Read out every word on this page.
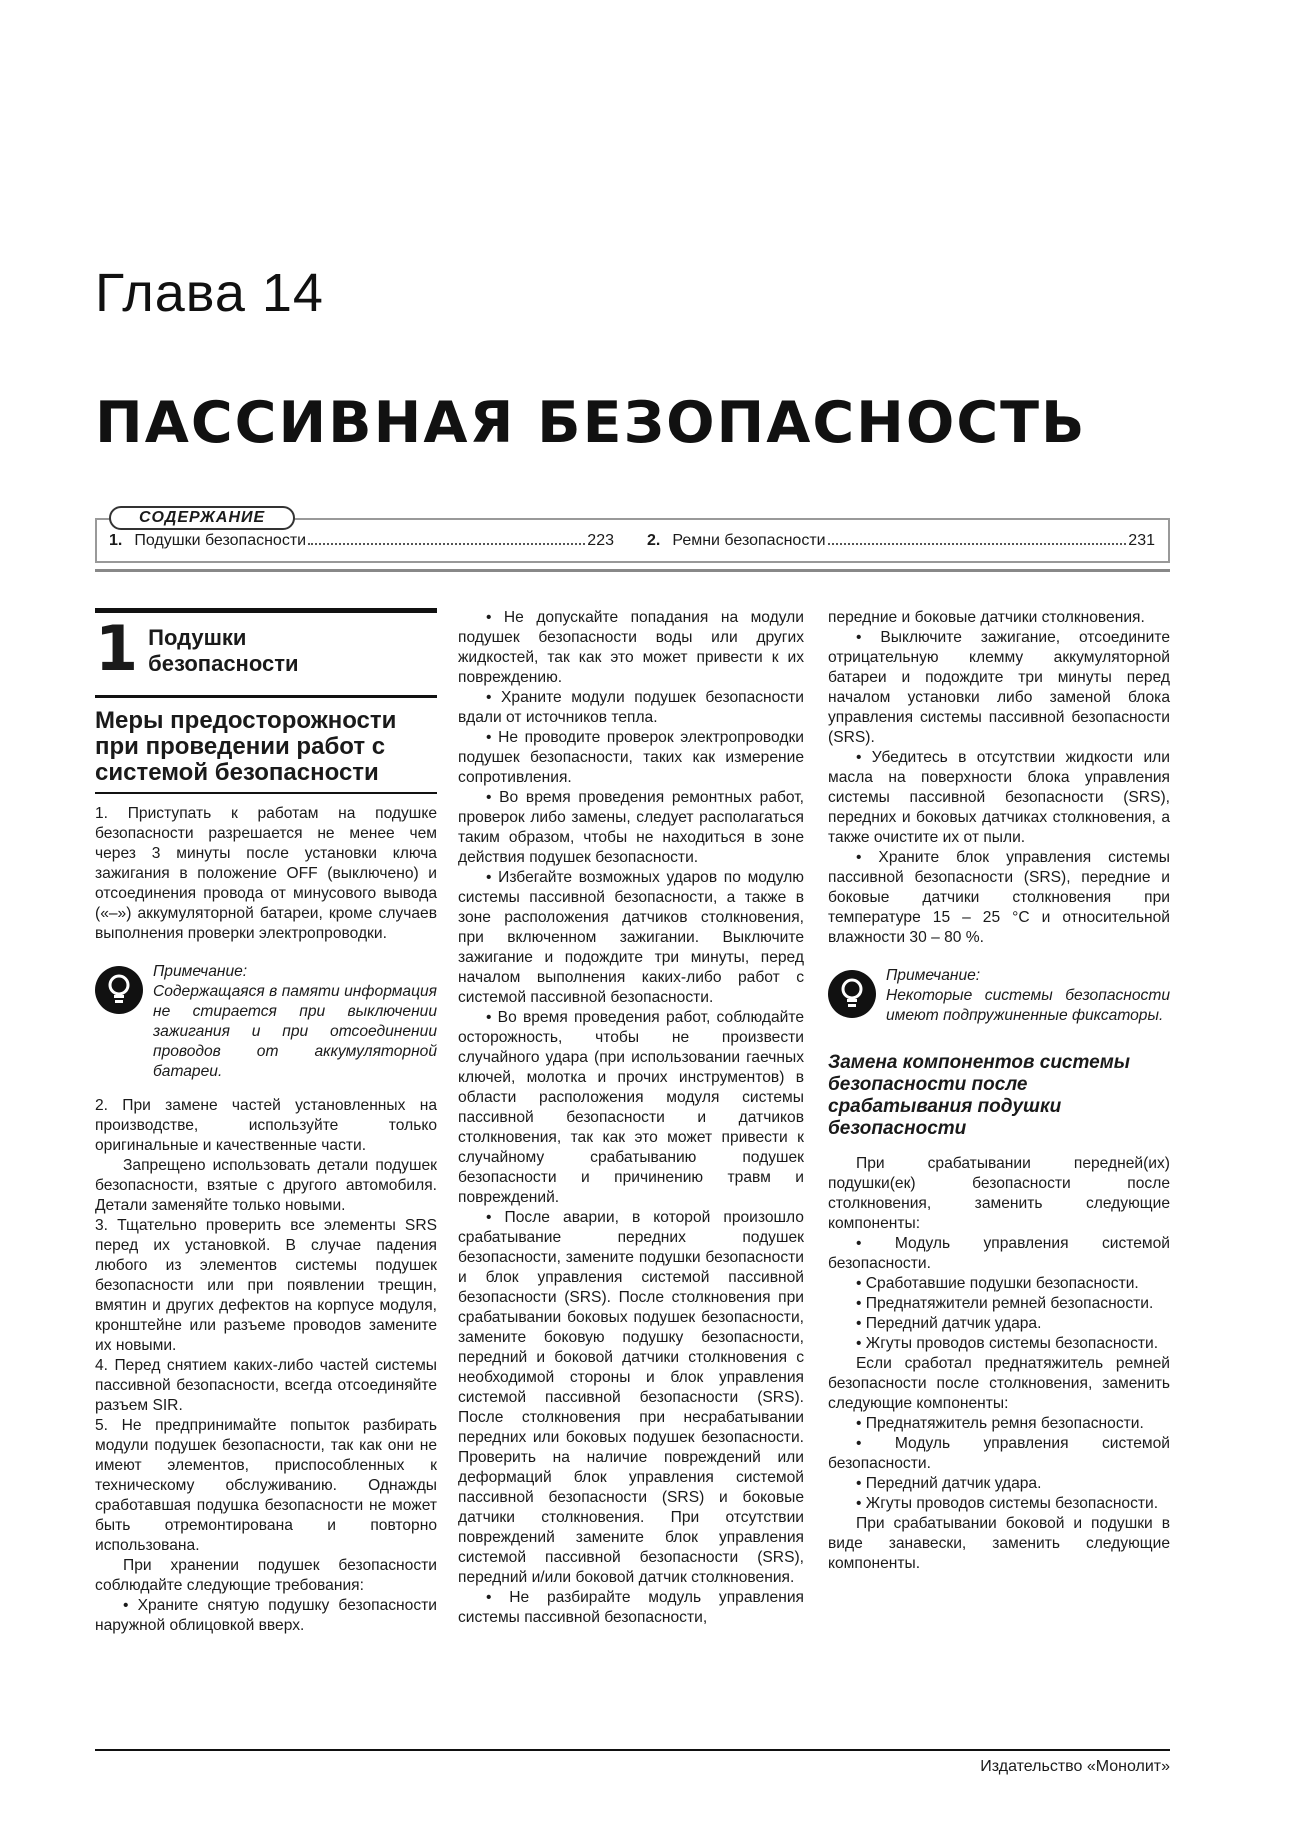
Глава 14
ПАССИВНАЯ БЕЗОПАСНОСТЬ
СОДЕРЖАНИЕ
1. Подушки безопасности	223 2. Ремни безопасности	231
1 Подушки
безопасности
Меры предосторожности при проведении работ с системой безопасности

1. Приступать к работам на подушке безопасности разрешается не менее чем через 3 минуты после установки ключа зажигания в положение OFF (выключено) и отсоединения провода от минусового вывода («–») аккумуляторной батареи, кроме случаев выполнения проверки электропроводки.

Примечание:
Содержащаяся в памяти информация не стирается при выключении зажигания и при отсоединении проводов от аккумуляторной батареи.

2. При замене частей установленных на производстве, используйте только оригинальные и качественные части.

Запрещено использовать детали подушек безопасности, взятые с другого автомобиля. Детали заменяйте только новыми.

3. Тщательно проверить все элементы SRS перед их установкой. В случае падения любого из элементов системы подушек безопасности или при появлении трещин, вмятин и других дефектов на корпусе модуля, кронштейне или разъеме проводов замените их новыми.

4. Перед снятием каких-либо частей системы пассивной безопасности, всегда отсоединяйте разъем SIR.

5. Не предпринимайте попыток разбирать модули подушек безопасности, так как они не имеют элементов, приспособленных к техническому обслуживанию. Однажды сработавшая подушка безопасности не может быть отремонтирована и повторно использована.

При хранении подушек безопасности соблюдайте следующие требования:

• Храните снятую подушку безопасности наружной облицовкой вверх.

• Не допускайте попадания на модули подушек безопасности воды или других жидкостей, так как это может привести к их повреждению.

• Храните модули подушек безопасности вдали от источников тепла.

• Не проводите проверок электропроводки подушек безопасности, таких как измерение сопротивления.

• Во время проведения ремонтных работ, проверок либо замены, следует располагаться таким образом, чтобы не находиться в зоне действия подушек безопасности.

• Избегайте возможных ударов по модулю системы пассивной безопасности, а также в зоне расположения датчиков столкновения, при включенном зажигании. Выключите зажигание и подождите три минуты, перед началом выполнения каких-либо работ с системой пассивной безопасности.

• Во время проведения работ, соблюдайте осторожность, чтобы не произвести случайного удара (при использовании гаечных ключей, молотка и прочих инструментов) в области расположения модуля системы пассивной безопасности и датчиков столкновения, так как это может привести к случайному срабатыванию подушек безопасности и причинению травм и повреждений.

• После аварии, в которой произошло срабатывание передних подушек безопасности, замените подушки безопасности и блок управления системой пассивной безопасности (SRS). После столкновения при срабатывании боковых подушек безопасности, замените боковую подушку безопасности, передний и боковой датчики столкновения с необходимой стороны и блок управления системой пассивной безопасности (SRS). После столкновения при несрабатывании передних или боковых подушек безопасности. Проверить на наличие повреждений или деформаций блок управления системой пассивной безопасности (SRS) и боковые датчики столкновения. При отсутствии повреждений замените блок управления системой пассивной безопасности (SRS), передний и/или боковой датчик столкновения.

• Не разбирайте модуль управления системы пассивной безопасности,

передние и боковые датчики столкновения.

• Выключите зажигание, отсоедините отрицательную клемму аккумуляторной батареи и подождите три минуты перед началом установки либо заменой блока управления системы пассивной безопасности (SRS).

• Убедитесь в отсутствии жидкости или масла на поверхности блока управления системы пассивной безопасности (SRS), передних и боковых датчиках столкновения, а также очистите их от пыли.

• Храните блок управления системы пассивной безопасности (SRS), передние и боковые датчики столкновения при температуре 15 – 25 °С и относительной влажности 30 – 80 %.

Примечание:
Некоторые системы безопасности имеют подпружиненные фиксаторы.
Замена компонентов системы безопасности после срабатывания подушки безопасности

При срабатывании передней(их) подушки(ек) безопасности после столкновения, заменить следующие компоненты:

• Модуль управления системой безопасности.

• Сработавшие подушки безопасности.

• Преднатяжители ремней безопасности.

• Передний датчик удара.

• Жгуты проводов системы безопасности.

Если сработал преднатяжитель ремней безопасности после столкновения, заменить следующие компоненты:

• Преднатяжитель ремня безопасности.

• Модуль управления системой безопасности.

• Передний датчик удара.

• Жгуты проводов системы безопасности.

При срабатывании боковой и подушки в виде занавески, заменить следующие компоненты.

Издательство «Монолит»
